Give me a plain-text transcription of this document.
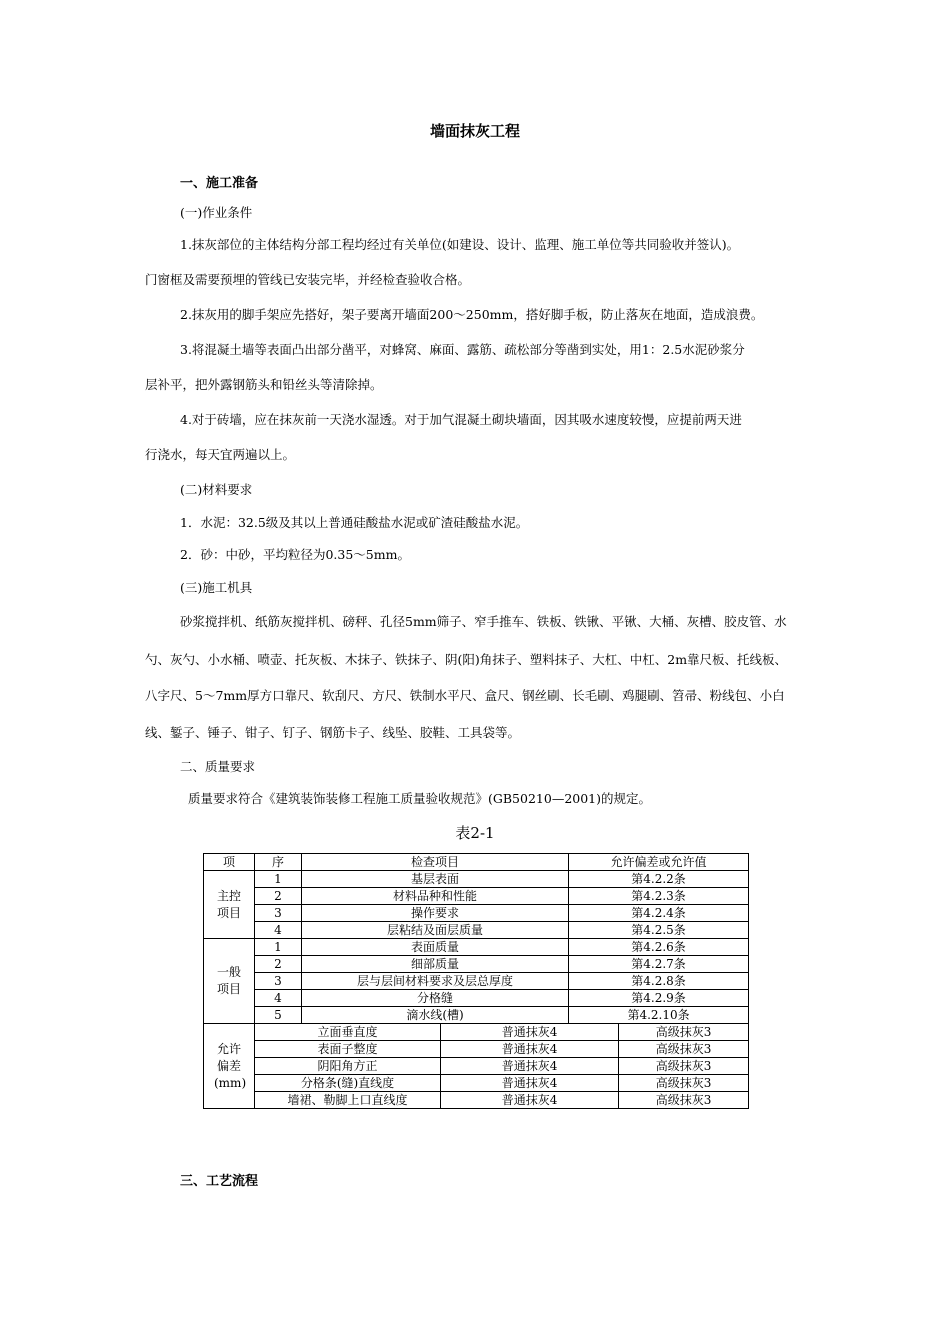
墙面抹灰工程
一、施工准备
(一)作业条件
1.抹灰部位的主体结构分部工程均经过有关单位(如建设、设计、监理、施工单位等共同验收并签认)。
门窗框及需要预埋的管线已安装完毕，并经检查验收合格。
2.抹灰用的脚手架应先搭好，架子要离开墙面200～250mm，搭好脚手板，防止落灰在地面，造成浪费。
3.将混凝土墙等表面凸出部分凿平，对蜂窝、麻面、露筋、疏松部分等凿到实处，用1：2.5水泥砂浆分
层补平，把外露钢筋头和铅丝头等清除掉。
4.对于砖墙，应在抹灰前一天浇水湿透。对于加气混凝土砌块墙面，因其吸水速度较慢，应提前两天进
行浇水，每天宜两遍以上。
(二)材料要求
1．水泥：32.5级及其以上普通硅酸盐水泥或矿渣硅酸盐水泥。
2．砂：中砂，平均粒径为0.35～5mm。
(三)施工机具
砂浆搅拌机、纸筋灰搅拌机、磅秤、孔径5mm筛子、窄手推车、铁板、铁锹、平锹、大桶、灰槽、胶皮管、水
勺、灰勺、小水桶、喷壶、托灰板、木抹子、铁抹子、阴(阳)角抹子、塑料抹子、大杠、中杠、2m靠尺板、托线板、
八字尺、5～7mm厚方口靠尺、软刮尺、方尺、铁制水平尺、盒尺、钢丝刷、长毛刷、鸡腿刷、笤帚、粉线包、小白
线、錾子、锤子、钳子、钉子、钢筋卡子、线坠、胶鞋、工具袋等。
二、质量要求
质量要求符合《建筑装饰装修工程施工质量验收规范》(GB50210—2001)的规定。
表2-1
项	序	检查项目		允许偏差或允许值	
主控项目	1	基层表面		第4.2.2条	
	2	材料品种和性能		第4.2.3条	
	3	操作要求		第4.2.4条	
	4	层粘结及面层质量		第4.2.5条	
一般项目	1	表面质量		第4.2.6条	
	2	细部质量		第4.2.7条	
	3	层与层间材料要求及层总厚度		第4.2.8条	
	4	分格缝		第4.2.9条	
	5	滴水线(槽)		第4.2.10条	
允许偏差(mm)	立面垂直度		普通抹灰4		高级抹灰3
	表面子整度		普通抹灰4		高级抹灰3
	阴阳角方正		普通抹灰4		高级抹灰3
	分格条(缝)直线度		普通抹灰4		高级抹灰3
	墙裙、勒脚上口直线度		普通抹灰4		高级抹灰3
三、工艺流程
